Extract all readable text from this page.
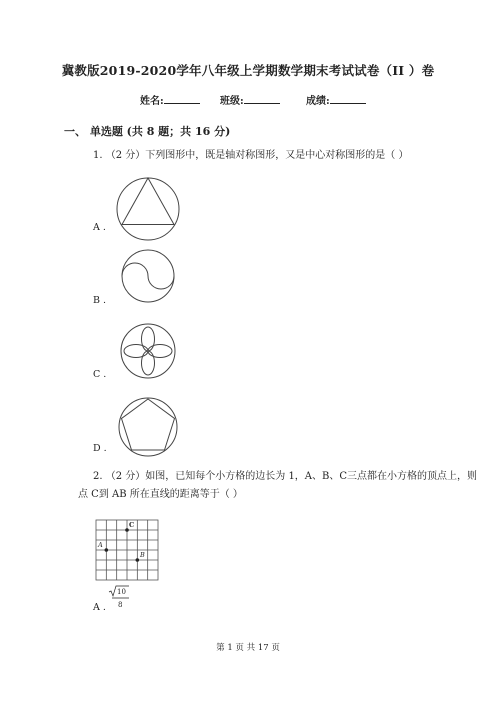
冀教版2019-2020学年八年级上学期数学期末考试试卷（II ）卷
姓名:	班级:	成绩:
一、 单选题 (共 8 题；共 16 分)
1. （2 分）下列图形中，既是轴对称图形，又是中心对称图形的是（ ）
A .
B .
C .
D .
2. （2 分）如图，已知每个小方格的边长为 1，A、B、C三点都在小方格的顶点上，则
点 C到 AB 所在直线的距离等于（ ）
A
C
B
A .
10
8
第 1 页 共 17 页
